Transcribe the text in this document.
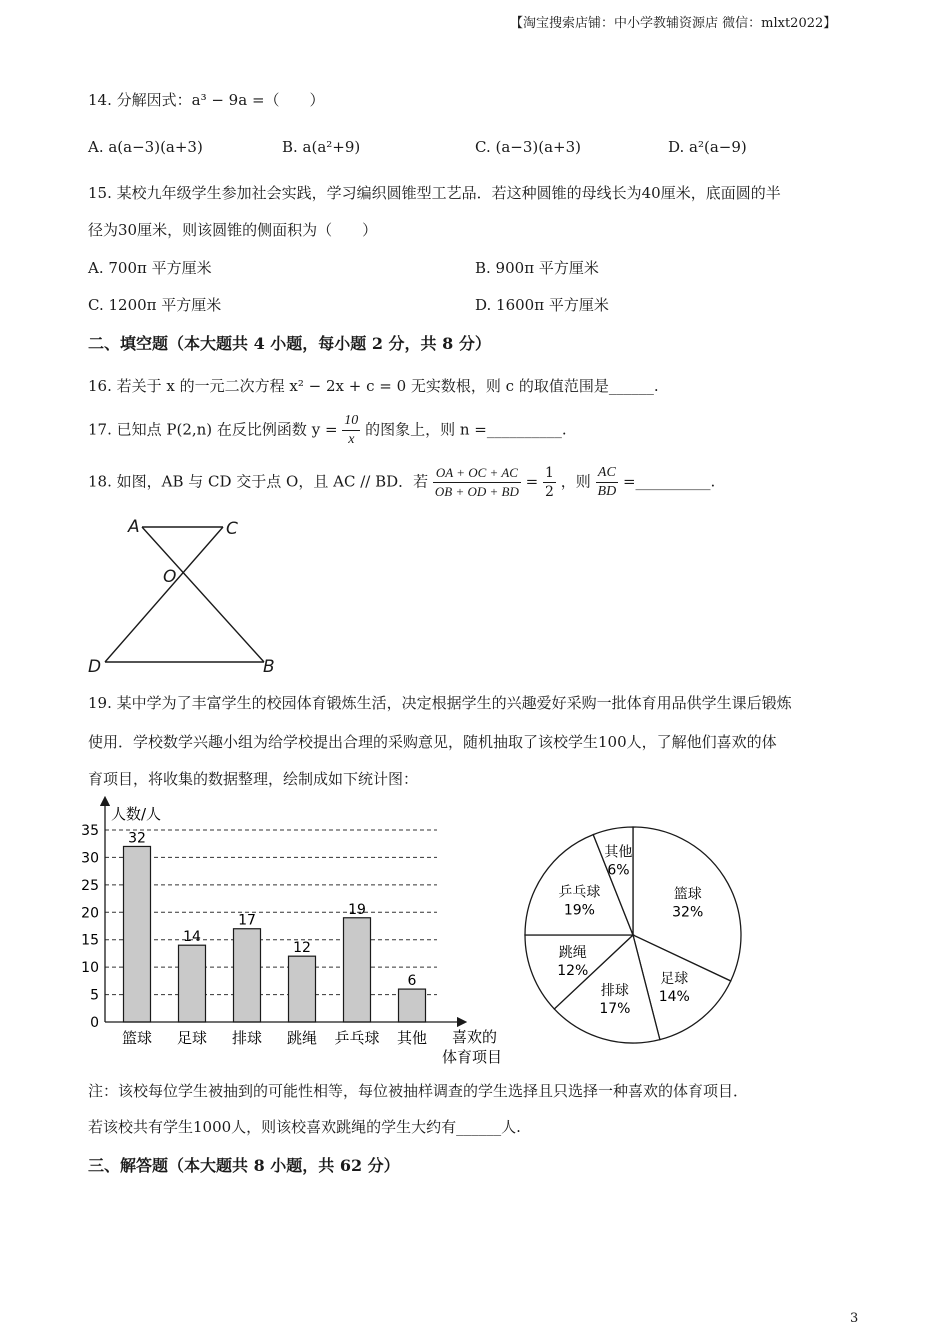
【淘宝搜索店铺：中小学教辅资源店 微信：mlxt2022】
14. 分解因式：a³ − 9a =（　　）
A. a(a−3)(a+3)	B. a(a²+9)	C. (a−3)(a+3)	D. a²(a−9)
15. 某校九年级学生参加社会实践，学习编织圆锥型工艺品．若这种圆锥的母线长为40厘米，底面圆的半
径为30厘米，则该圆锥的侧面积为（　　）
A. 700π 平方厘米	B. 900π 平方厘米
C. 1200π 平方厘米	D. 1600π 平方厘米
二、填空题（本大题共 4 小题，每小题 2 分，共 8 分）
16. 若关于 x 的一元二次方程 x² − 2x + c = 0 无实数根，则 c 的取值范围是______.
17. 已知点 P(2,n) 在反比例函数 $y = \frac{10}{x}$ 的图象上，则 n =__________.
18. 如图，AB 与 CD 交于点 O，且 AC // BD．若 $\frac{OA + OC + AC}{OB + OD + BD} = \frac{1}{2}$ ，则 $\frac{AC}{BD}$ =__________.
A	C
O
D	B
19. 某中学为了丰富学生的校园体育锻炼生活，决定根据学生的兴趣爱好采购一批体育用品供学生课后锻炼
使用．学校数学兴趣小组为给学校提出合理的采购意见，随机抽取了该校学生100人，了解他们喜欢的体
育项目，将收集的数据整理，绘制成如下统计图：
0
5
10
15
20
25
30
35 32
篮球
14
足球
17
排球
12
跳绳
19
乒乓球
6
其他
人数/人
喜欢的
体育项目
篮球
32%
足球
14%
排球
17%
跳绳
12%
乒乓球
19%
其他
6%
注：该校每位学生被抽到的可能性相等，每位被抽样调查的学生选择且只选择一种喜欢的体育项目．
若该校共有学生1000人，则该校喜欢跳绳的学生大约有______人.
三、解答题（本大题共 8 小题，共 62 分）
3
